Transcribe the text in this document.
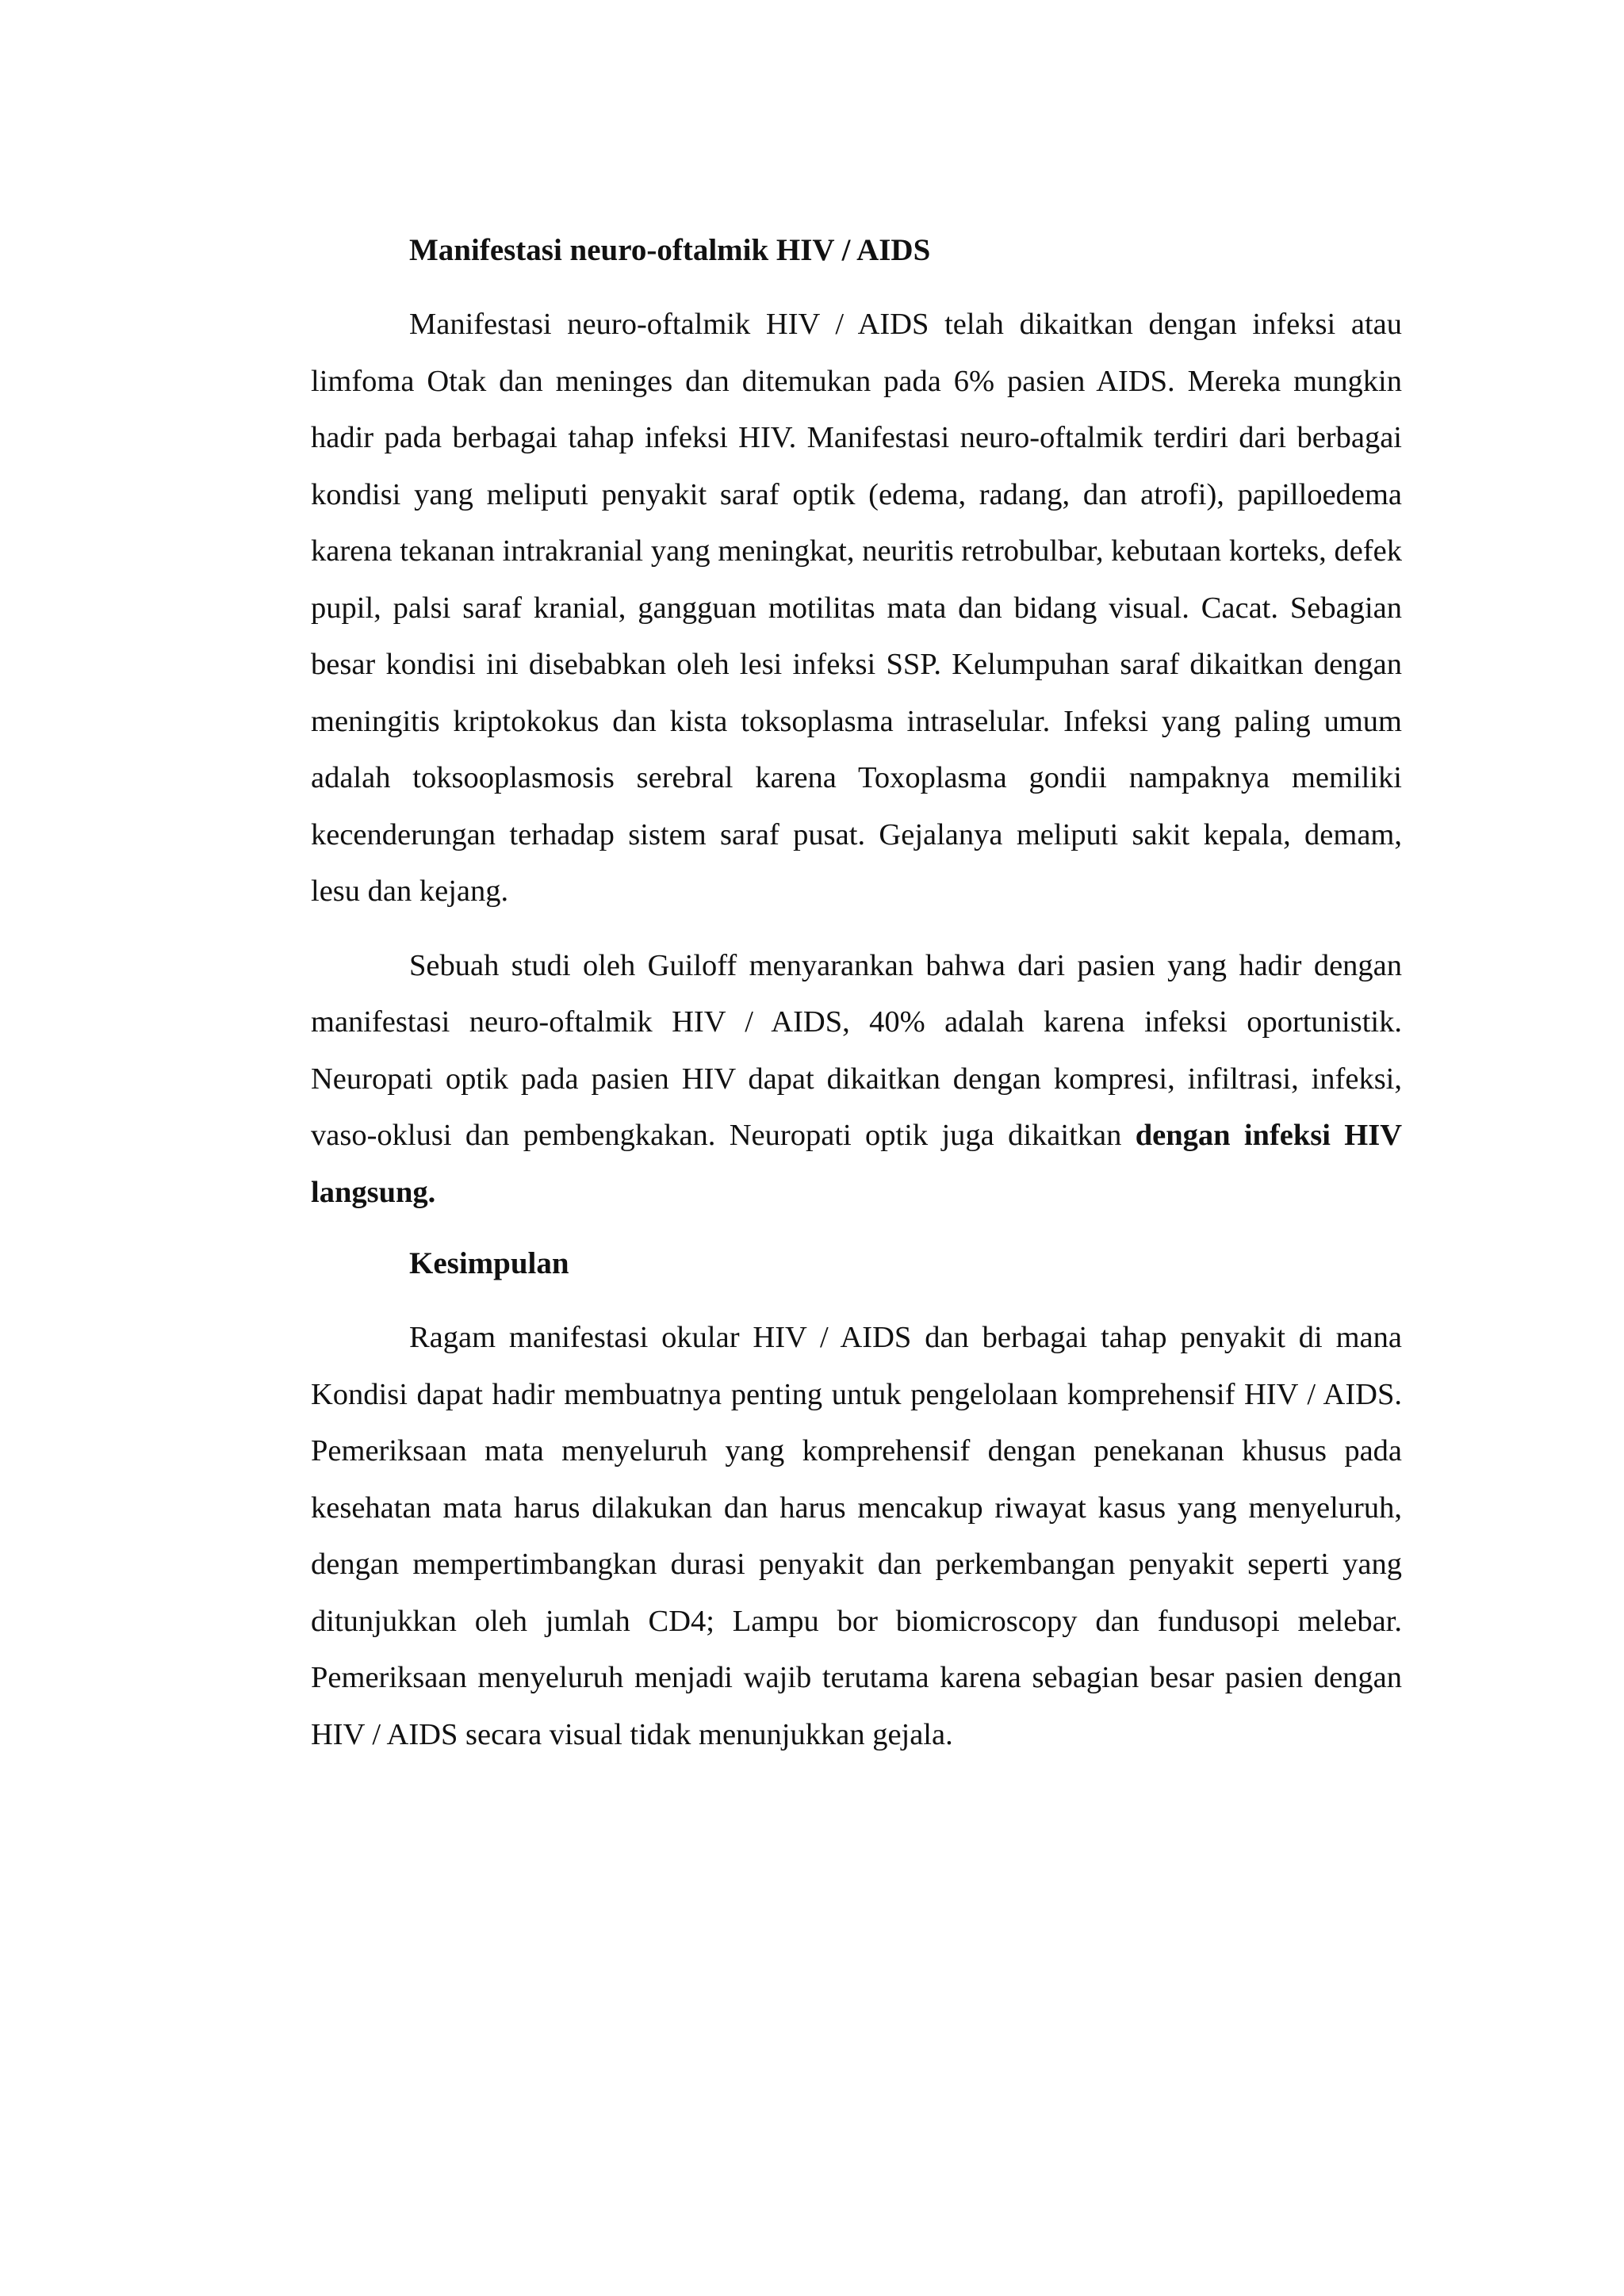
Manifestasi neuro-oftalmik HIV / AIDS

Manifestasi neuro-oftalmik HIV / AIDS telah dikaitkan dengan infeksi atau limfoma Otak dan meninges dan ditemukan pada 6% pasien AIDS. Mereka mungkin hadir pada berbagai tahap infeksi HIV. Manifestasi neuro-oftalmik terdiri dari berbagai kondisi yang meliputi penyakit saraf optik (edema, radang, dan atrofi), papilloedema karena tekanan intrakranial yang meningkat, neuritis retrobulbar, kebutaan korteks, defek pupil, palsi saraf kranial, gangguan motilitas mata dan bidang visual. Cacat. Sebagian besar kondisi ini disebabkan oleh lesi infeksi SSP. Kelumpuhan saraf dikaitkan dengan meningitis kriptokokus dan kista toksoplasma intraselular. Infeksi yang paling umum adalah toksooplasmosis serebral karena Toxoplasma gondii nampaknya memiliki kecenderungan terhadap sistem saraf pusat. Gejalanya meliputi sakit kepala, demam, lesu dan kejang.

Sebuah studi oleh Guiloff menyarankan bahwa dari pasien yang hadir dengan manifestasi neuro-oftalmik HIV / AIDS, 40% adalah karena infeksi oportunistik. Neuropati optik pada pasien HIV dapat dikaitkan dengan kompresi, infiltrasi, infeksi, vaso-oklusi dan pembengkakan. Neuropati optik juga dikaitkan dengan infeksi HIV langsung.

Kesimpulan

Ragam manifestasi okular HIV / AIDS dan berbagai tahap penyakit di mana Kondisi dapat hadir membuatnya penting untuk pengelolaan komprehensif HIV / AIDS. Pemeriksaan mata menyeluruh yang komprehensif dengan penekanan khusus pada kesehatan mata harus dilakukan dan harus mencakup riwayat kasus yang menyeluruh, dengan mempertimbangkan durasi penyakit dan perkembangan penyakit seperti yang ditunjukkan oleh jumlah CD4; Lampu bor biomicroscopy dan fundusopi melebar. Pemeriksaan menyeluruh menjadi wajib terutama karena sebagian besar pasien dengan HIV / AIDS secara visual tidak menunjukkan gejala.
